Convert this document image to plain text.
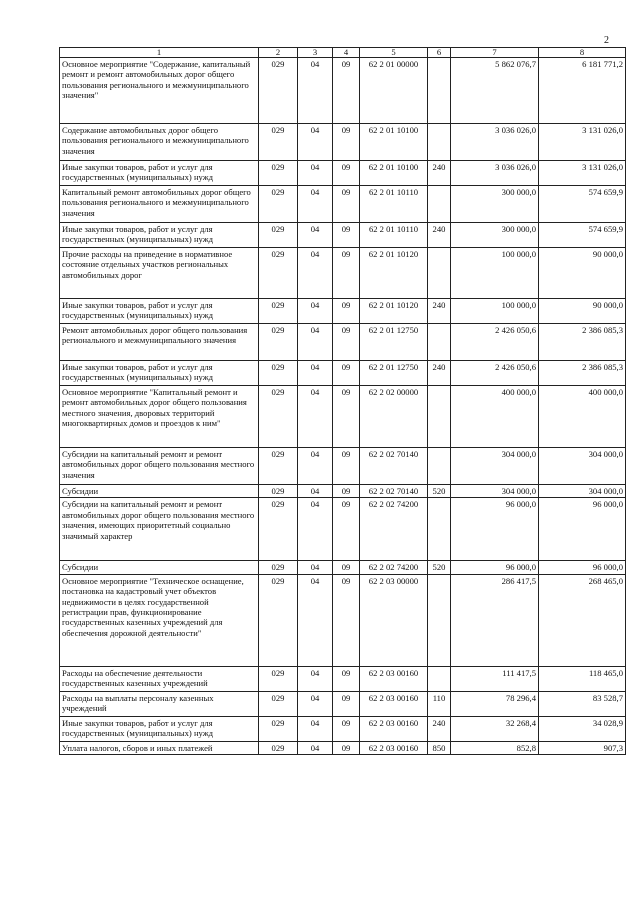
2
1	2	3	4	5	6	7	8
Основное мероприятие "Содержание, капитальный ремонт и ремонт автомобильных дорог общего пользования регионального и межмуниципального значения"	029	04	09	62 2 01 00000		5 862 076,7	6 181 771,2
Содержание автомобильных дорог общего пользования регионального и межмуниципального значения	029	04	09	62 2 01 10100		3 036 026,0	3 131 026,0
Иные закупки товаров, работ и услуг для государственных (муниципальных) нужд	029	04	09	62 2 01 10100	240	3 036 026,0	3 131 026,0
Капитальный ремонт автомобильных дорог общего пользования регионального и межмуниципального значения	029	04	09	62 2 01 10110		300 000,0	574 659,9
Иные закупки товаров, работ и услуг для государственных (муниципальных) нужд	029	04	09	62 2 01 10110	240	300 000,0	574 659,9
Прочие расходы на приведение в нормативное состояние отдельных участков региональных автомобильных дорог	029	04	09	62 2 01 10120		100 000,0	90 000,0
Иные закупки товаров, работ и услуг для государственных (муниципальных) нужд	029	04	09	62 2 01 10120	240	100 000,0	90 000,0
Ремонт автомобильных дорог общего пользования регионального и межмуниципального значения	029	04	09	62 2 01 12750		2 426 050,6	2 386 085,3
Иные закупки товаров, работ и услуг для государственных (муниципальных) нужд	029	04	09	62 2 01 12750	240	2 426 050,6	2 386 085,3
Основное мероприятие "Капитальный ремонт и ремонт автомобильных дорог общего пользования местного значения, дворовых территорий многоквартирных домов и проездов к ним"	029	04	09	62 2 02 00000		400 000,0	400 000,0
Субсидии на капитальный ремонт и ремонт автомобильных дорог общего пользования местного значения	029	04	09	62 2 02 70140		304 000,0	304 000,0
Субсидии	029	04	09	62 2 02 70140	520	304 000,0	304 000,0
Субсидии на капитальный ремонт и ремонт автомобильных дорог общего пользования местного значения, имеющих приоритетный социально значимый характер	029	04	09	62 2 02 74200		96 000,0	96 000,0
Субсидии	029	04	09	62 2 02 74200	520	96 000,0	96 000,0
Основное мероприятие "Техническое оснащение, постановка на кадастровый учет объектов недвижимости в целях государственной регистрации прав, функционирование государственных казенных учреждений для обеспечения дорожной деятельности"	029	04	09	62 2 03 00000		286 417,5	268 465,0
Расходы на обеспечение деятельности государственных казенных учреждений	029	04	09	62 2 03 00160		111 417,5	118 465,0
Расходы на выплаты персоналу казенных учреждений	029	04	09	62 2 03 00160	110	78 296,4	83 528,7
Иные закупки товаров, работ и услуг для государственных (муниципальных) нужд	029	04	09	62 2 03 00160	240	32 268,4	34 028,9
Уплата налогов, сборов и иных платежей	029	04	09	62 2 03 00160	850	852,8	907,3
